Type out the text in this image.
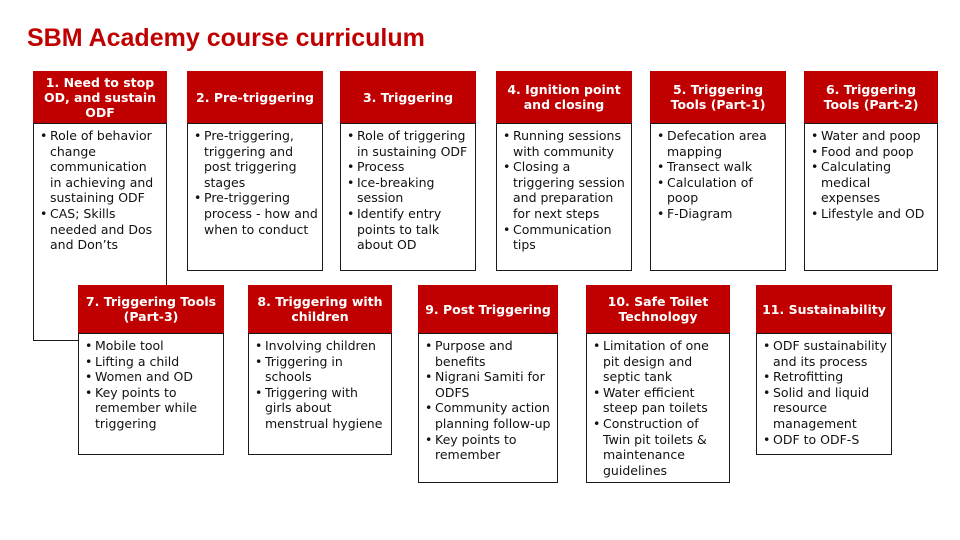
SBM Academy course curriculum
1. Need to stop OD, and sustain ODF
• Role of behavior change communication in achieving and sustaining ODF
• CAS; Skills needed and Dos and Don’ts
2. Pre-triggering
• Pre-triggering, triggering and post triggering stages
• Pre-triggering process - how and when to conduct
3. Triggering
• Role of triggering in sustaining ODF
• Process
• Ice-breaking session
• Identify entry points to talk about OD
4. Ignition point and closing
• Running sessions with community
• Closing a triggering session and preparation for next steps
• Communication tips
5. Triggering Tools (Part-1)
• Defecation area mapping
• Transect walk
• Calculation of poop
• F-Diagram
6. Triggering Tools (Part-2)
• Water and poop
• Food and poop
• Calculating medical expenses
• Lifestyle and OD
7. Triggering Tools (Part-3)
• Mobile tool
• Lifting a child
• Women and OD
• Key points to remember while triggering
8. Triggering with children
• Involving children
• Triggering in schools
• Triggering with girls about menstrual hygiene
9. Post Triggering
• Purpose and benefits
• Nigrani Samiti for ODFS
• Community action planning follow-up
• Key points to remember
10. Safe Toilet Technology
• Limitation of one pit design and septic tank
• Water efficient steep pan toilets
• Construction of Twin pit toilets & maintenance guidelines
11. Sustainability
• ODF sustainability and its process
• Retrofitting
• Solid and liquid resource management
• ODF to ODF-S
